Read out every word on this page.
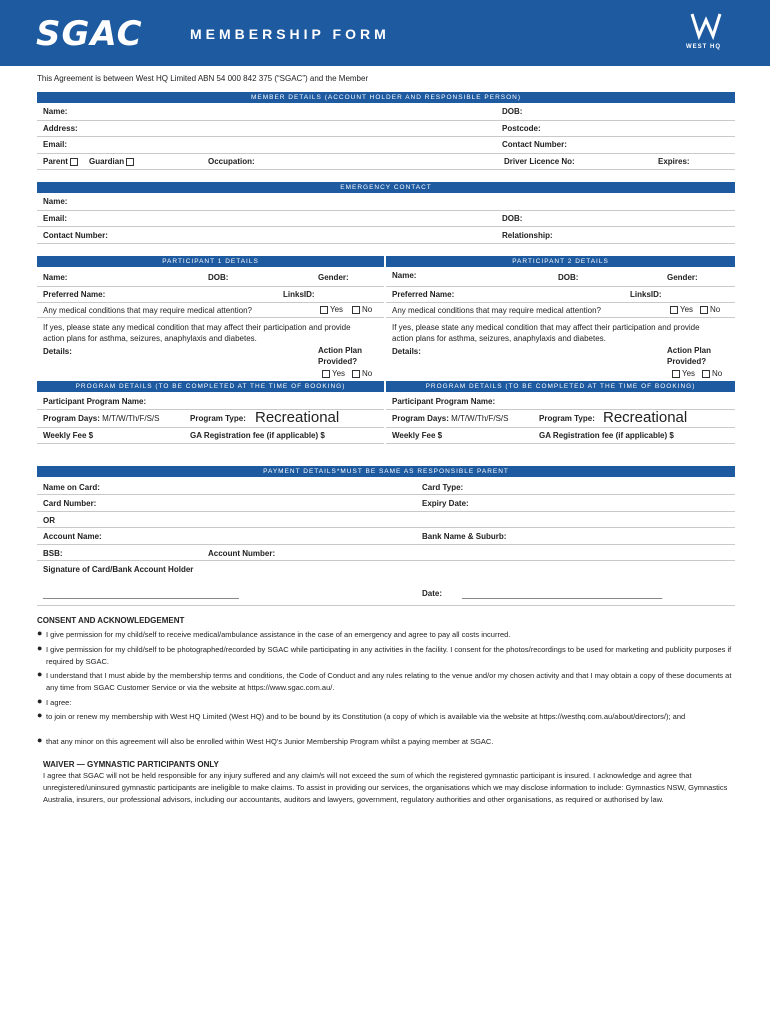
SGAC	MEMBERSHIP FORM
WEST HQ
This Agreement is between West HQ Limited ABN 54 000 842 375 (“SGAC”) and the Member
MEMBER DETAILS (ACCOUNT HOLDER AND RESPONSIBLE PERSON)
Name:	DOB:
Address:	Postcode:
Email:	Contact Number:
Parent	Guardian	Occupation:	Driver Licence No:	Expires:
EMERGENCY CONTACT
Name:
Email:	DOB:
Contact Number:	Relationship:
PARTICIPANT 1 DETAILS
Name:	DOB:	Gender:
Preferred Name:	LinksID:
Any medical conditions that may require medical attention?	Yes	No
If yes, please state any medical condition that may affect their participation and provide action plans for asthma, seizures, anaphylaxis and diabetes.
Details:	Action Plan
Provided?
Yes	No
PROGRAM DETAILS (TO BE COMPLETED AT THE TIME OF BOOKING)
Participant Program Name:
Program Days: M/T/W/Th/F/S/S	Program Type: Recreational
Weekly Fee $	GA Registration fee (if applicable) $
PARTICIPANT 2 DETAILS
Name:	DOB:	Gender:
Preferred Name:	LinksID:
Any medical conditions that may require medical attention?	Yes	No
If yes, please state any medical condition that may affect their participation and provide action plans for asthma, seizures, anaphylaxis and diabetes.
Details:	Action Plan
Provided?
Yes	No
PROGRAM DETAILS (TO BE COMPLETED AT THE TIME OF BOOKING)
Participant Program Name:
Program Days: M/T/W/Th/F/S/S	Program Type: Recreational
Weekly Fee $	GA Registration fee (if applicable) $
PAYMENT DETAILS*MUST BE SAME AS RESPONSIBLE PARENT
Name on Card:	Card Type:
Card Number:	Expiry Date:
OR
Account Name:	Bank Name & Suburb:
BSB:	Account Number:
Signature of Card/Bank Account Holder
____________________________________________	Date: _____________________________________________
CONSENT AND ACKNOWLEDGEMENT
● I give permission for my child/self to receive medical/ambulance assistance in the case of an emergency and agree to pay all costs incurred.
● I give permission for my child/self to be photographed/recorded by SGAC while participating in any activities in the facility. I consent for the photos/recordings to be used for marketing and publicity purposes if required by SGAC.
● I understand that I must abide by the membership terms and conditions, the Code of Conduct and any rules relating to the venue and/or my chosen activity and that I may obtain a copy of these documents at any time from SGAC Customer Service or via the website at https://www.sgac.com.au/.
● I agree:
● to join or renew my membership with West HQ Limited (West HQ) and to be bound by its Constitution (a copy of which is available via the website at https://westhq.com.au/about/directors/); and
● that any minor on this agreement will also be enrolled within West HQ’s Junior Membership Program whilst a paying member at SGAC.
WAIVER — GYMNASTIC PARTICIPANTS ONLY
I agree that SGAC will not be held responsible for any injury suffered and any claim/s will not exceed the sum of which the registered gymnastic participant is insured. I acknowledge and agree that unregistered/uninsured gymnastic participants are ineligible to make claims. To assist in providing our services, the organisations which we may disclose information to include: Gymnastics NSW, Gymnastics Australia, insurers, our professional advisors, including our accountants, auditors and lawyers, government, regulatory authorities and other organisations, as required or authorised by law.
